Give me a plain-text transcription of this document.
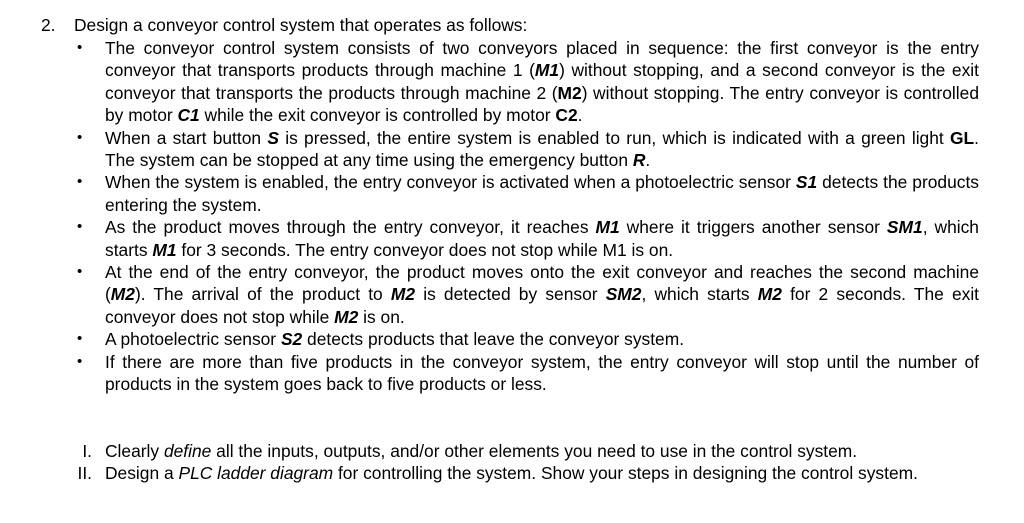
2.	Design a conveyor control system that operates as follows:
• The conveyor control system consists of two conveyors placed in sequence: the first conveyor is the entry conveyor that transports products through machine 1 (M1) without stopping, and a second conveyor is the exit conveyor that transports the products through machine 2 (M2) without stopping. The entry conveyor is controlled by motor C1 while the exit conveyor is controlled by motor C2.
• When a start button S is pressed, the entire system is enabled to run, which is indicated with a green light GL. The system can be stopped at any time using the emergency button R.
• When the system is enabled, the entry conveyor is activated when a photoelectric sensor S1 detects the products entering the system.
• As the product moves through the entry conveyor, it reaches M1 where it triggers another sensor SM1, which starts M1 for 3 seconds. The entry conveyor does not stop while M1 is on.
• At the end of the entry conveyor, the product moves onto the exit conveyor and reaches the second machine (M2). The arrival of the product to M2 is detected by sensor SM2, which starts M2 for 2 seconds. The exit conveyor does not stop while M2 is on.
• A photoelectric sensor S2 detects products that leave the conveyor system.
• If there are more than five products in the conveyor system, the entry conveyor will stop until the number of products in the system goes back to five products or less.
I. Clearly define all the inputs, outputs, and/or other elements you need to use in the control system.
II. Design a PLC ladder diagram for controlling the system. Show your steps in designing the control system.
